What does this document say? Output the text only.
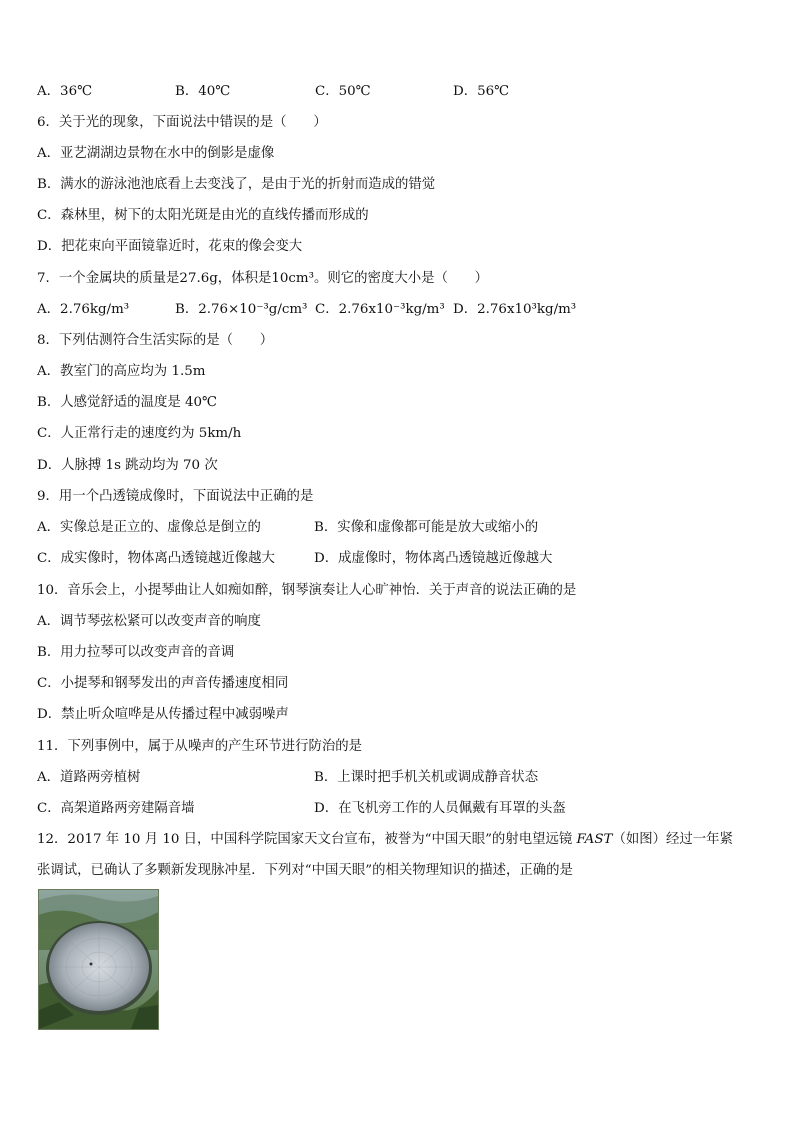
A．36℃	B．40℃	C．50℃	D．56℃
6．关于光的现象，下面说法中错误的是（　　）
A．亚艺湖湖边景物在水中的倒影是虚像
B．满水的游泳池池底看上去变浅了，是由于光的折射而造成的错觉
C．森林里，树下的太阳光斑是由光的直线传播而形成的
D．把花束向平面镜靠近时，花束的像会变大
7．一个金属块的质量是27.6g，体积是10cm³。则它的密度大小是（　　）
A．2.76kg/m³	B．2.76×10⁻³g/cm³ C．2.76x10⁻³kg/m³ D．2.76x10³kg/m³
8．下列估测符合生活实际的是（　　）
A．教室门的高应均为 1.5m
B．人感觉舒适的温度是 40℃
C．人正常行走的速度约为 5km/h
D．人脉搏 1s 跳动均为 70 次
9．用一个凸透镜成像时，下面说法中正确的是
A．实像总是正立的、虚像总是倒立的	B．实像和虚像都可能是放大或缩小的
C．成实像时，物体离凸透镜越近像越大	D．成虚像时，物体离凸透镜越近像越大
10．音乐会上，小提琴曲让人如痴如醉，钢琴演奏让人心旷神怡．关于声音的说法正确的是
A．调节琴弦松紧可以改变声音的响度
B．用力拉琴可以改变声音的音调
C．小提琴和钢琴发出的声音传播速度相同
D．禁止听众喧哗是从传播过程中减弱噪声
11．下列事例中，属于从噪声的产生环节进行防治的是
A．道路两旁植树	B．上课时把手机关机或调成静音状态
C．高架道路两旁建隔音墙	D．在飞机旁工作的人员佩戴有耳罩的头盔
12．2017 年 10 月 10 日，中国科学院国家天文台宣布，被誉为“中国天眼”的射电望远镜 FAST（如图）经过一年紧
张调试，已确认了多颗新发现脉冲星．下列对“中国天眼”的相关物理知识的描述，正确的是
